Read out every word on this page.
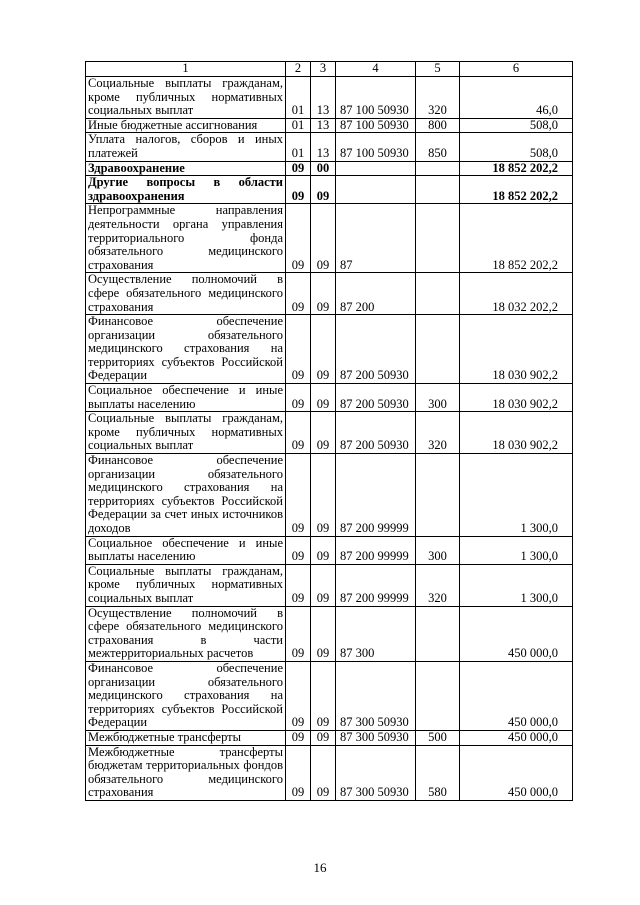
1	2	3	4	5	6
Социальные выплаты гражданам, кроме публичных нормативных социальных выплат	01	13	87 100 50930	320	46,0
Иные бюджетные ассигнования	01	13	87 100 50930	800	508,0
Уплата налогов, сборов и иных платежей	01	13	87 100 50930	850	508,0
Здравоохранение	09	00			18 852 202,2
Другие вопросы в области здравоохранения	09	09			18 852 202,2
Непрограммные направления деятельности органа управления территориального фонда обязательного медицинского страхования	09	09	87		18 852 202,2
Осуществление полномочий в сфере обязательного медицинского страхования	09	09	87 200		18 032 202,2
Финансовое обеспечение организации обязательного медицинского страхования на территориях субъектов Российской Федерации	09	09	87 200 50930		18 030 902,2
Социальное обеспечение и иные выплаты населению	09	09	87 200 50930	300	18 030 902,2
Социальные выплаты гражданам, кроме публичных нормативных социальных выплат	09	09	87 200 50930	320	18 030 902,2
Финансовое обеспечение организации обязательного медицинского страхования на территориях субъектов Российской Федерации за счет иных источников доходов	09	09	87 200 99999		1 300,0
Социальное обеспечение и иные выплаты населению	09	09	87 200 99999	300	1 300,0
Социальные выплаты гражданам, кроме публичных нормативных социальных выплат	09	09	87 200 99999	320	1 300,0
Осуществление полномочий в сфере обязательного медицинского страхования в части межтерриториальных расчетов	09	09	87 300		450 000,0
Финансовое обеспечение организации обязательного медицинского страхования на территориях субъектов Российской Федерации	09	09	87 300 50930		450 000,0
Межбюджетные трансферты	09	09	87 300 50930	500	450 000,0
Межбюджетные трансферты бюджетам территориальных фондов обязательного медицинского страхования	09	09	87 300 50930	580	450 000,0
16
